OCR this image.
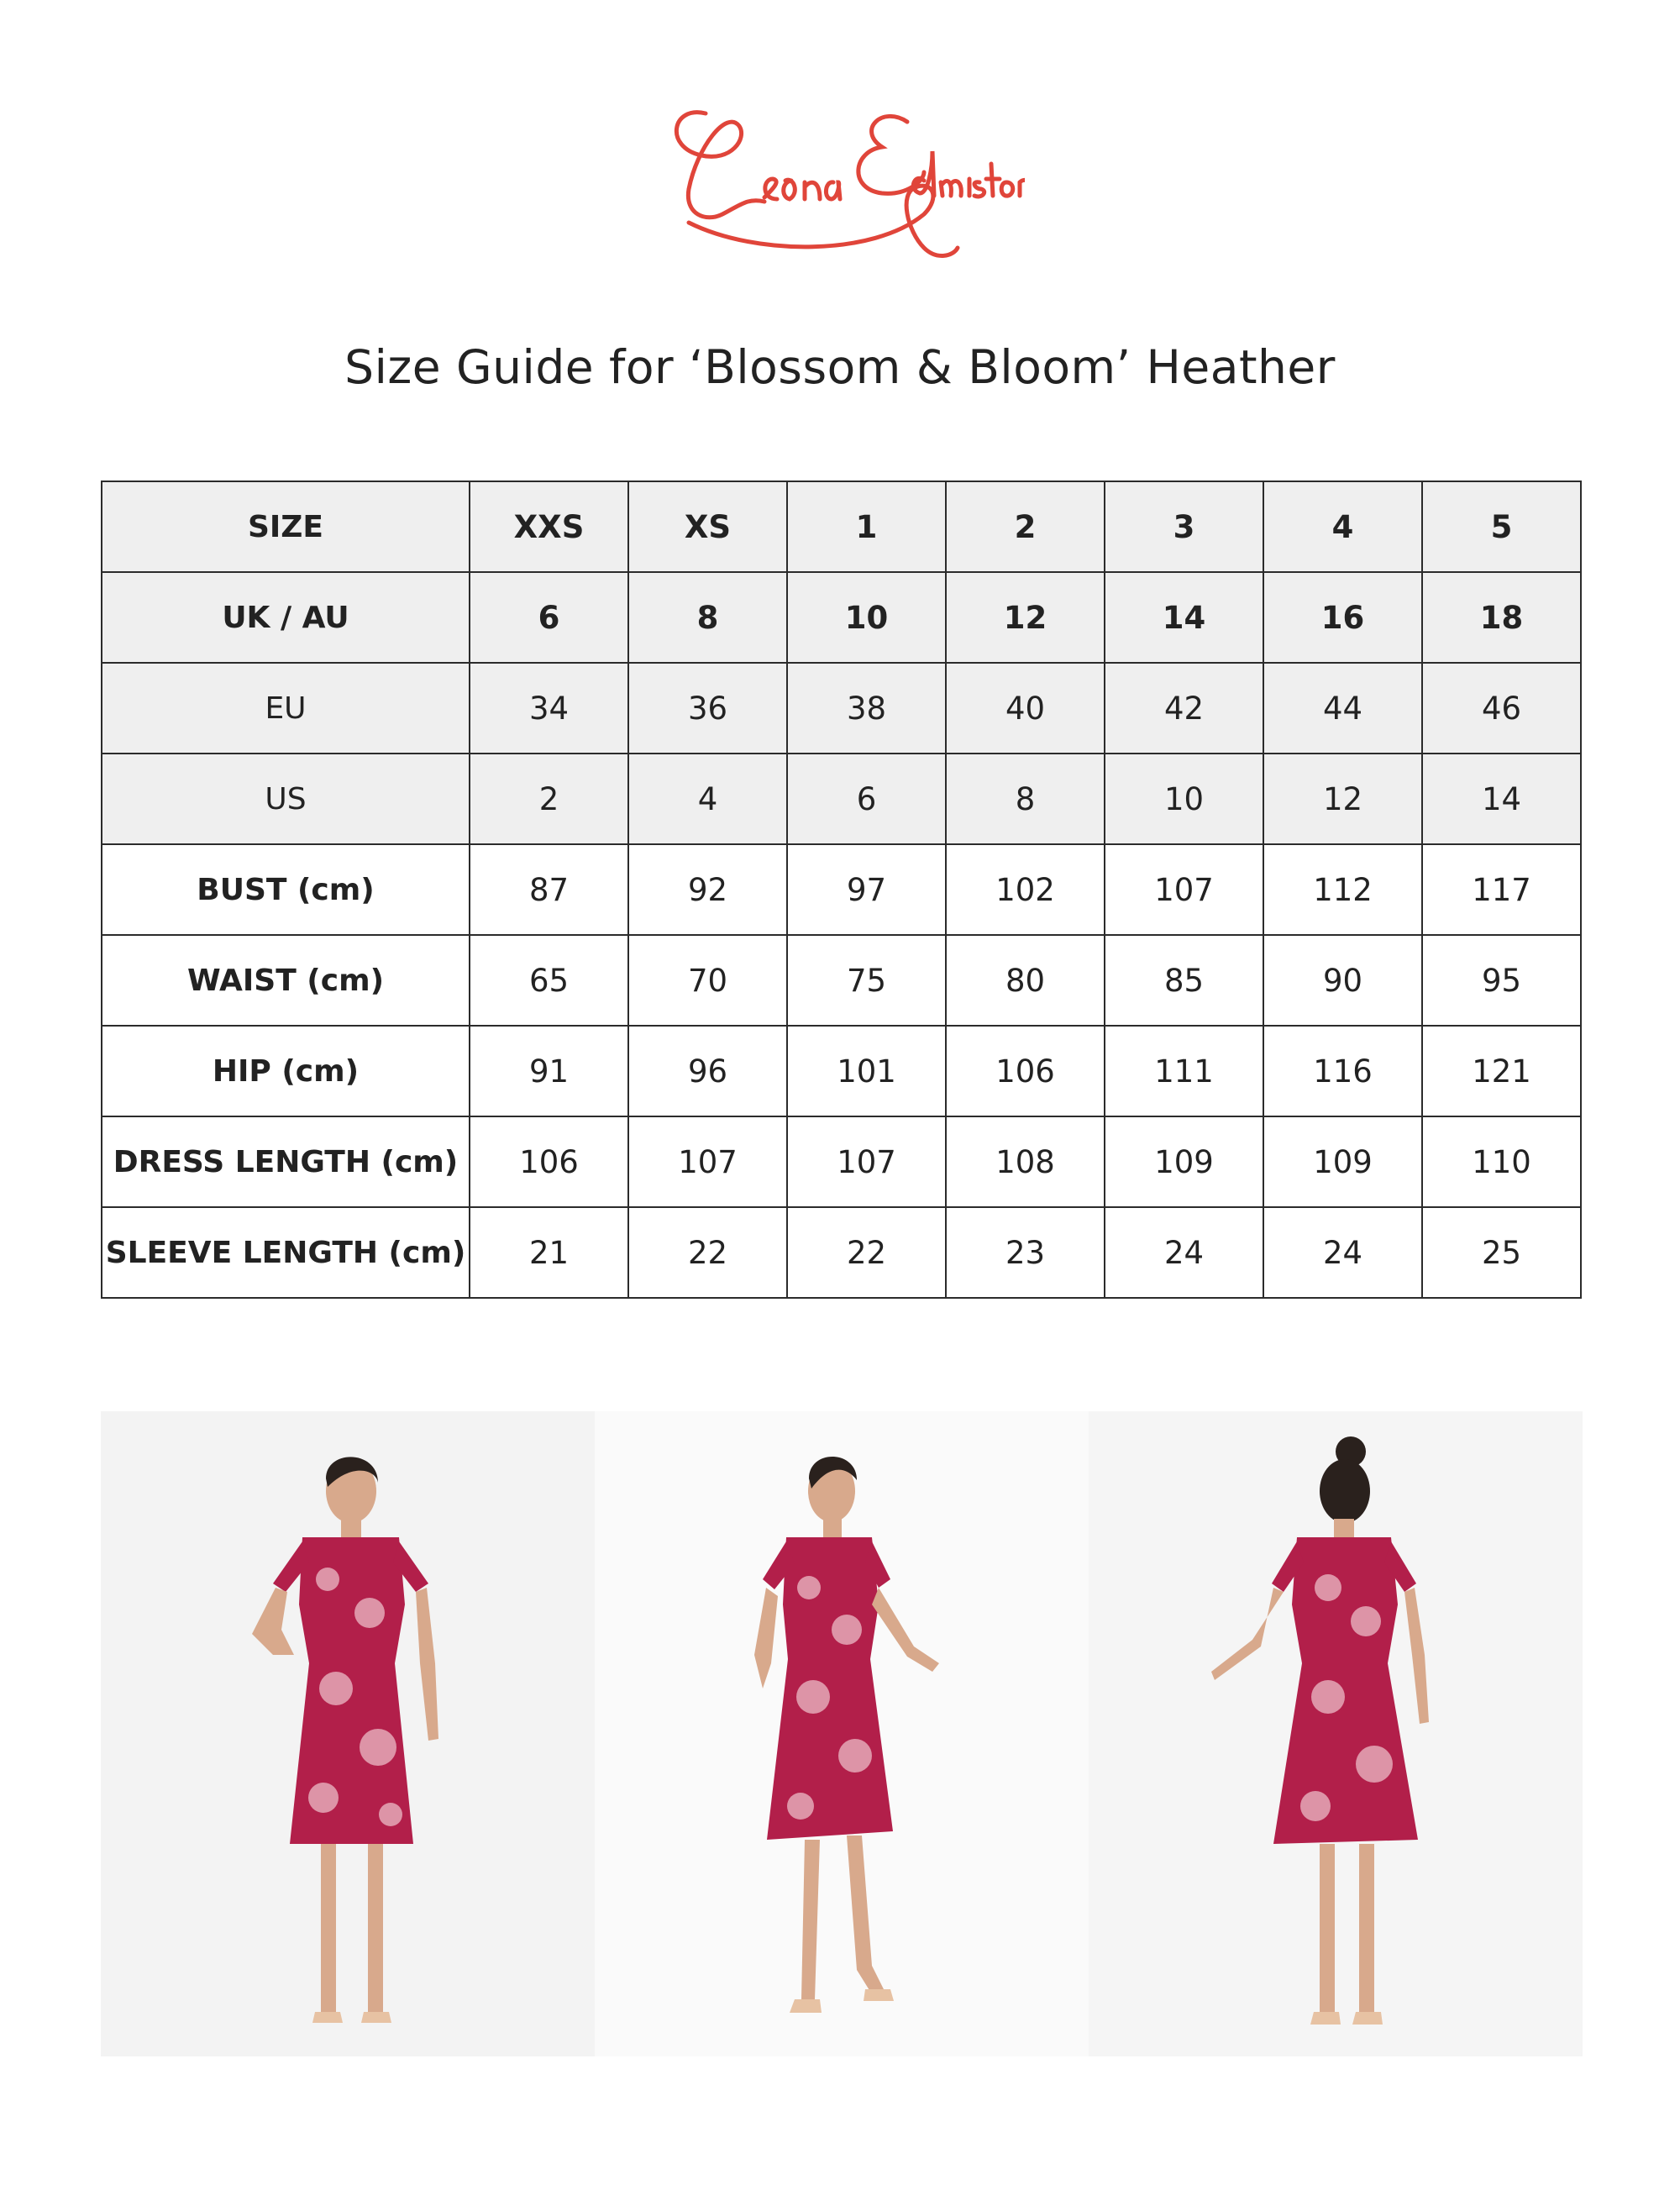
Size Guide for ‘Blossom & Bloom’ Heather
SIZE	XXS	XS	1	2	3	4	5
UK / AU	6	8	10	12	14	16	18
EU	34	36	38	40	42	44	46
US	2	4	6	8	10	12	14
BUST (cm)	87	92	97	102	107	112	117
WAIST (cm)	65	70	75	80	85	90	95
HIP (cm)	91	96	101	106	111	116	121
DRESS LENGTH (cm)	106	107	107	108	109	109	110
SLEEVE LENGTH (cm)	21	22	22	23	24	24	25
